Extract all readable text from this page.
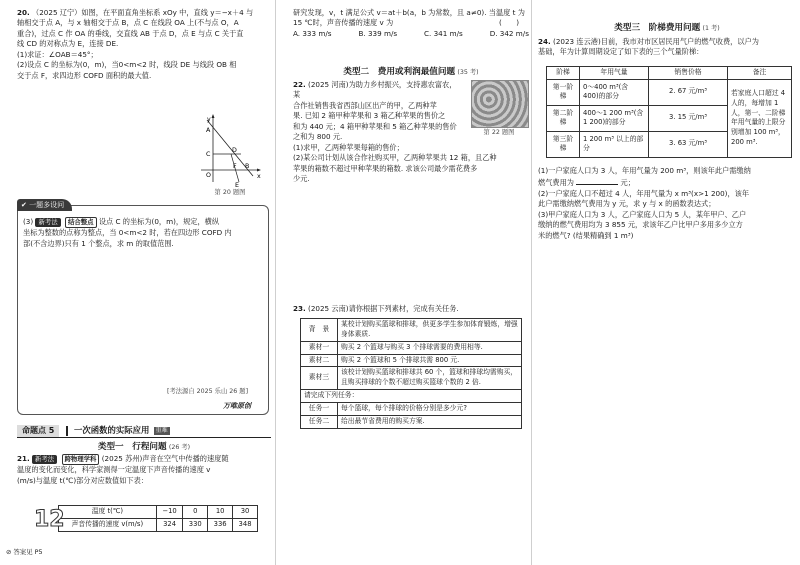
20. （2025 辽宁）如图，在平面直角坐标系 xOy 中，直线 y＝−x＋4 与

轴相交于点 A，与 x 轴相交于点 B，点 C 在线段 OA 上(不与点 O，A

重合)，过点 C 作 OA 的垂线，交直线 AB 于点 D，点 E 与点 C 关于直

线 CD 的对称点为 E，连接 DE.

(1)求证：∠OAB＝45°；

(2)设点 C 的坐标为(0，m)，当0<m<2 时，线段 DE 与线段 OB 相

交于点 F，求四边形 COFD 面积的最大值.

y
A
C
D
O
F B
x
E
第 20 题图
✔ 一题多设问

(3) 新考法 结合整点 设点 C 的坐标为(0，m)，规定，横纵

坐标为整数的点称为整点，当 0<m<2 时，若在四边形 COFD 内

部(不含边界)只有 1 个整点，求 m 的取值范围.

[考法源自 2025 乐山 26 题]
万唯原创
命题点 5 一次函数的实际应用 重难
类型一　行程问题 (26 考)

21. 新考法 跨物理学科 (2025 苏州)声音在空气中传播的速度随

温度的变化而变化，科学家测得一定温度下声音传播的速度 v

(m/s)与温度 t(℃)部分对应数值如下表：

温度 t(℃)	−10	0	10	30
声音传播的速度 v(m/s)	324	330	336	348
12
⊘ 答案见 P5

研究发现，v，t 满足公式 v＝at＋b(a，b 为常数，且 a≠0). 当温度 t 为

15 ℃时，声音传播的速度 v 为	(　　)

A. 333 m/s	B. 339 m/s	C. 341 m/s	D. 342 m/s

类型二　费用或利润最值问题 (35 考)

22. (2025 河南)为助力乡村振兴，支持惠农富农，某

合作社销售我省西部山区出产的甲，乙两种苹

果. 已知 2 箱甲种苹果和 3 箱乙种苹果的售价之

和为 440 元；4 箱甲种苹果和 5 箱乙种苹果的售价

之和为 800 元.	第 22 题图

(1)求甲，乙两种苹果每箱的售价；

(2)某公司计划从该合作社购买甲，乙两种苹果共 12 箱，且乙种

苹果的箱数不超过甲种苹果的箱数. 求该公司最少需花费多

少元.

23. (2025 云南)请你根据下列素材，完成有关任务.

背　景	某校计划购买篮球和排球，供更多学生参加体育锻炼，增强身体素质.
素材一	购买 2 个篮球与购买 3 个排球需要的费用相等.
素材二	购买 2 个篮球和 5 个排球共需 800 元.
素材三	该校计划购买篮球和排球共 60 个，篮球和排球均需购买，且购买排球的个数不超过购买篮球个数的 2 倍.
请完成下列任务：	
任务一	每个篮球，每个排球的价格分别是多少元?
任务二	给出最节省费用的购买方案.
类型三　阶梯费用问题 (1 考)

24. (2023 连云港)目前，我市对市区居民用气户的燃气收费，以户为

基础，年为计算周期设定了如下表的三个气量阶梯：

阶梯	年用气量	销售价格	备注
第一阶梯	0～400 m³(含 400)的部分	2. 67 元/m³	若家庭人口超过 4 人的，每增加 1 人，第一、二阶梯年用气量的上限分别增加 100 m³，200 m³.
第二阶梯	400～1 200 m³(含 1 200)的部分	3. 15 元/m³	
第三阶梯	1 200 m³ 以上的部分	3. 63 元/m³	

(1)一户家庭人口为 3 人，年用气量为 200 m³，则该年此户需缴纳

燃气费用为	元；

(2)一户家庭人口不超过 4 人，年用气量为 x m³(x>1 200)，该年

此户需缴纳燃气费用为 y 元，求 y 与 x 的函数表达式；

(3)甲户家庭人口为 3 人，乙户家庭人口为 5 人，某年甲户、乙户

缴纳的燃气费用均为 3 855 元，求该年乙户比甲户多用多少立方

米的燃气? (结果精确到 1 m³)
